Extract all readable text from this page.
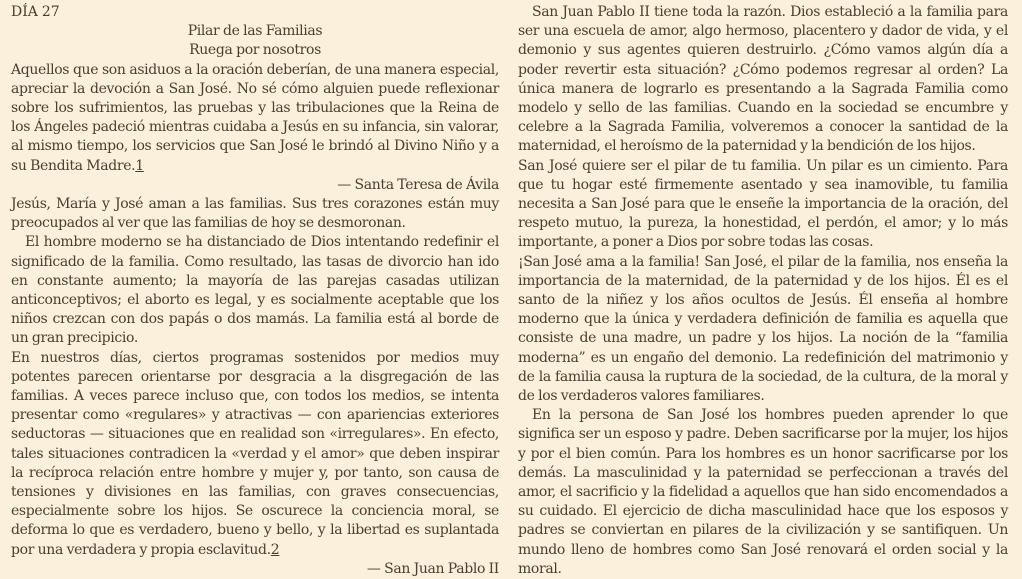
DÍA 27

Pilar de las Familias

Ruega por nosotros

Aquellos que son asiduos a la oración deberían, de una manera especial, apreciar la devoción a San José. No sé cómo alguien puede reflexionar sobre los sufrimientos, las pruebas y las tribulaciones que la Reina de los Ángeles padeció mientras cuidaba a Jesús en su infancia, sin valorar, al mismo tiempo, los servicios que San José le brindó al Divino Niño y a su Bendita Madre.1

— Santa Teresa de Ávila

Jesús, María y José aman a las familias. Sus tres corazones están muy preocupados al ver que las familias de hoy se desmoronan.

El hombre moderno se ha distanciado de Dios intentando redefinir el significado de la familia. Como resultado, las tasas de divorcio han ido en constante aumento; la mayoría de las parejas casadas utilizan anticonceptivos; el aborto es legal, y es socialmente aceptable que los niños crezcan con dos papás o dos mamás. La familia está al borde de un gran precipicio.

En nuestros días, ciertos programas sostenidos por medios muy potentes parecen orientarse por desgracia a la disgregación de las familias. A veces parece incluso que, con todos los medios, se intenta presentar como «regulares» y atractivas — con apariencias exteriores seductoras — situaciones que en realidad son «irregulares». En efecto, tales situaciones contradicen la «verdad y el amor» que deben inspirar la recíproca relación entre hombre y mujer y, por tanto, son causa de tensiones y divisiones en las familias, con graves consecuencias, especialmente sobre los hijos. Se oscurece la conciencia moral, se deforma lo que es verdadero, bueno y bello, y la libertad es suplantada por una verdadera y propia esclavitud.2

— San Juan Pablo II

San Juan Pablo II tiene toda la razón. Dios estableció a la familia para ser una escuela de amor, algo hermoso, placentero y dador de vida, y el demonio y sus agentes quieren destruirlo. ¿Cómo vamos algún día a poder revertir esta situación? ¿Cómo podemos regresar al orden? La única manera de lograrlo es presentando a la Sagrada Familia como modelo y sello de las familias. Cuando en la sociedad se encumbre y celebre a la Sagrada Familia, volveremos a conocer la santidad de la maternidad, el heroísmo de la paternidad y la bendición de los hijos.

San José quiere ser el pilar de tu familia. Un pilar es un cimiento. Para que tu hogar esté firmemente asentado y sea inamovible, tu familia necesita a San José para que le enseñe la importancia de la oración, del respeto mutuo, la pureza, la honestidad, el perdón, el amor; y lo más importante, a poner a Dios por sobre todas las cosas.

¡San José ama a la familia! San José, el pilar de la familia, nos enseña la importancia de la maternidad, de la paternidad y de los hijos. Él es el santo de la niñez y los años ocultos de Jesús. Él enseña al hombre moderno que la única y verdadera definición de familia es aquella que consiste de una madre, un padre y los hijos. La noción de la “familia moderna” es un engaño del demonio. La redefinición del matrimonio y de la familia causa la ruptura de la sociedad, de la cultura, de la moral y de los verdaderos valores familiares.

En la persona de San José los hombres pueden aprender lo que significa ser un esposo y padre. Deben sacrificarse por la mujer, los hijos y por el bien común. Para los hombres es un honor sacrificarse por los demás. La masculinidad y la paternidad se perfeccionan a través del amor, el sacrificio y la fidelidad a aquellos que han sido encomendados a su cuidado. El ejercicio de dicha masculinidad hace que los esposos y padres se conviertan en pilares de la civilización y se santifiquen. Un mundo lleno de hombres como San José renovará el orden social y la moral.
